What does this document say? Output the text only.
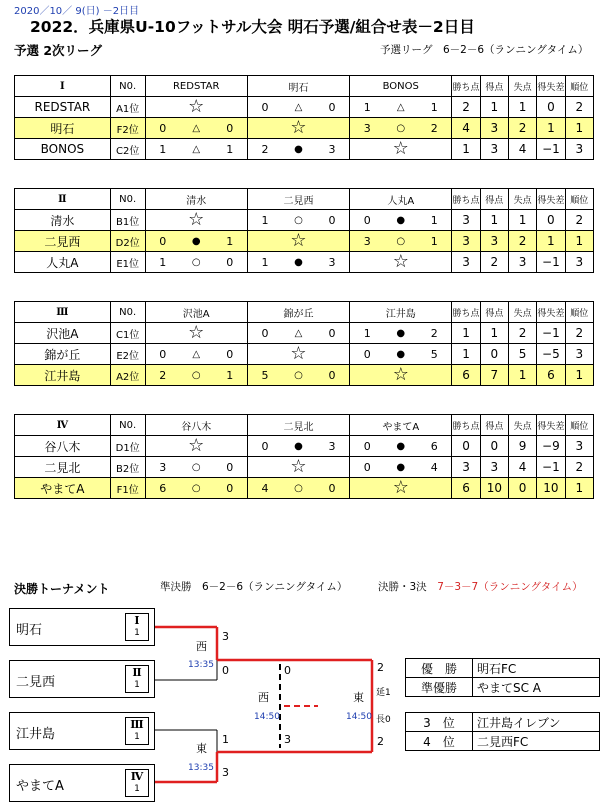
2020／10／ 9(日) －2日目
2022．兵庫県U-10フットサル大会 明石予選/組合せ表－2日目
予選 2次リーグ	予選リーグ　6－2－6（ランニングタイム）
Ⅰ	N0.	REDSTAR			明石			BONOS			勝ち点	得点	失点	得失差	順位
REDSTAR	A1位	☆			0	△	0	1	△	1	2	1	1	0	2
明石	F2位	0	△	0	☆			3	○	2	4	3	2	1	1
BONOS	C2位	1	△	1	2	●	3	☆			1	3	4	−1	3
Ⅱ	N0.	清水			二見西			人丸A			勝ち点	得点	失点	得失差	順位
清水	B1位	☆			1	○	0	0	●	1	3	1	1	0	2
二見西	D2位	0	●	1	☆			3	○	1	3	3	2	1	1
人丸A	E1位	1	○	0	1	●	3	☆			3	2	3	−1	3
Ⅲ	N0.	沢池A			錦が丘			江井島			勝ち点	得点	失点	得失差	順位
沢池A	C1位	☆			0	△	0	1	●	2	1	1	2	−1	2
錦が丘	E2位	0	△	0	☆			0	●	5	1	0	5	−5	3
江井島	A2位	2	○	1	5	○	0	☆			6	7	1	6	1
Ⅳ	N0.	谷八木			二見北			やまてA			勝ち点	得点	失点	得失差	順位
谷八木	D1位	☆			0	●	3	0	●	6	0	0	9	−9	3
二見北	B2位	3	○	0	☆			0	●	4	3	3	4	−1	2
やまてA	F1位	6	○	0	4	○	0	☆			6	10	0	10	1
決勝トーナメント	準決勝　6－2－6（ランニングタイム）	決勝・3決　 7－3－7（ランニングタイム）
明石
Ⅰ
1
二見西
Ⅱ
1
江井島
Ⅲ
1
やまてA
Ⅳ
1
西
13:35
3
0
東
13:35
1
3
西
14:50
0
3
東
14:50
2
2
延1
長0
優　勝	明石FC
準優勝	やまてSC A
3　位	江井島イレブン
4　位	二見西FC
